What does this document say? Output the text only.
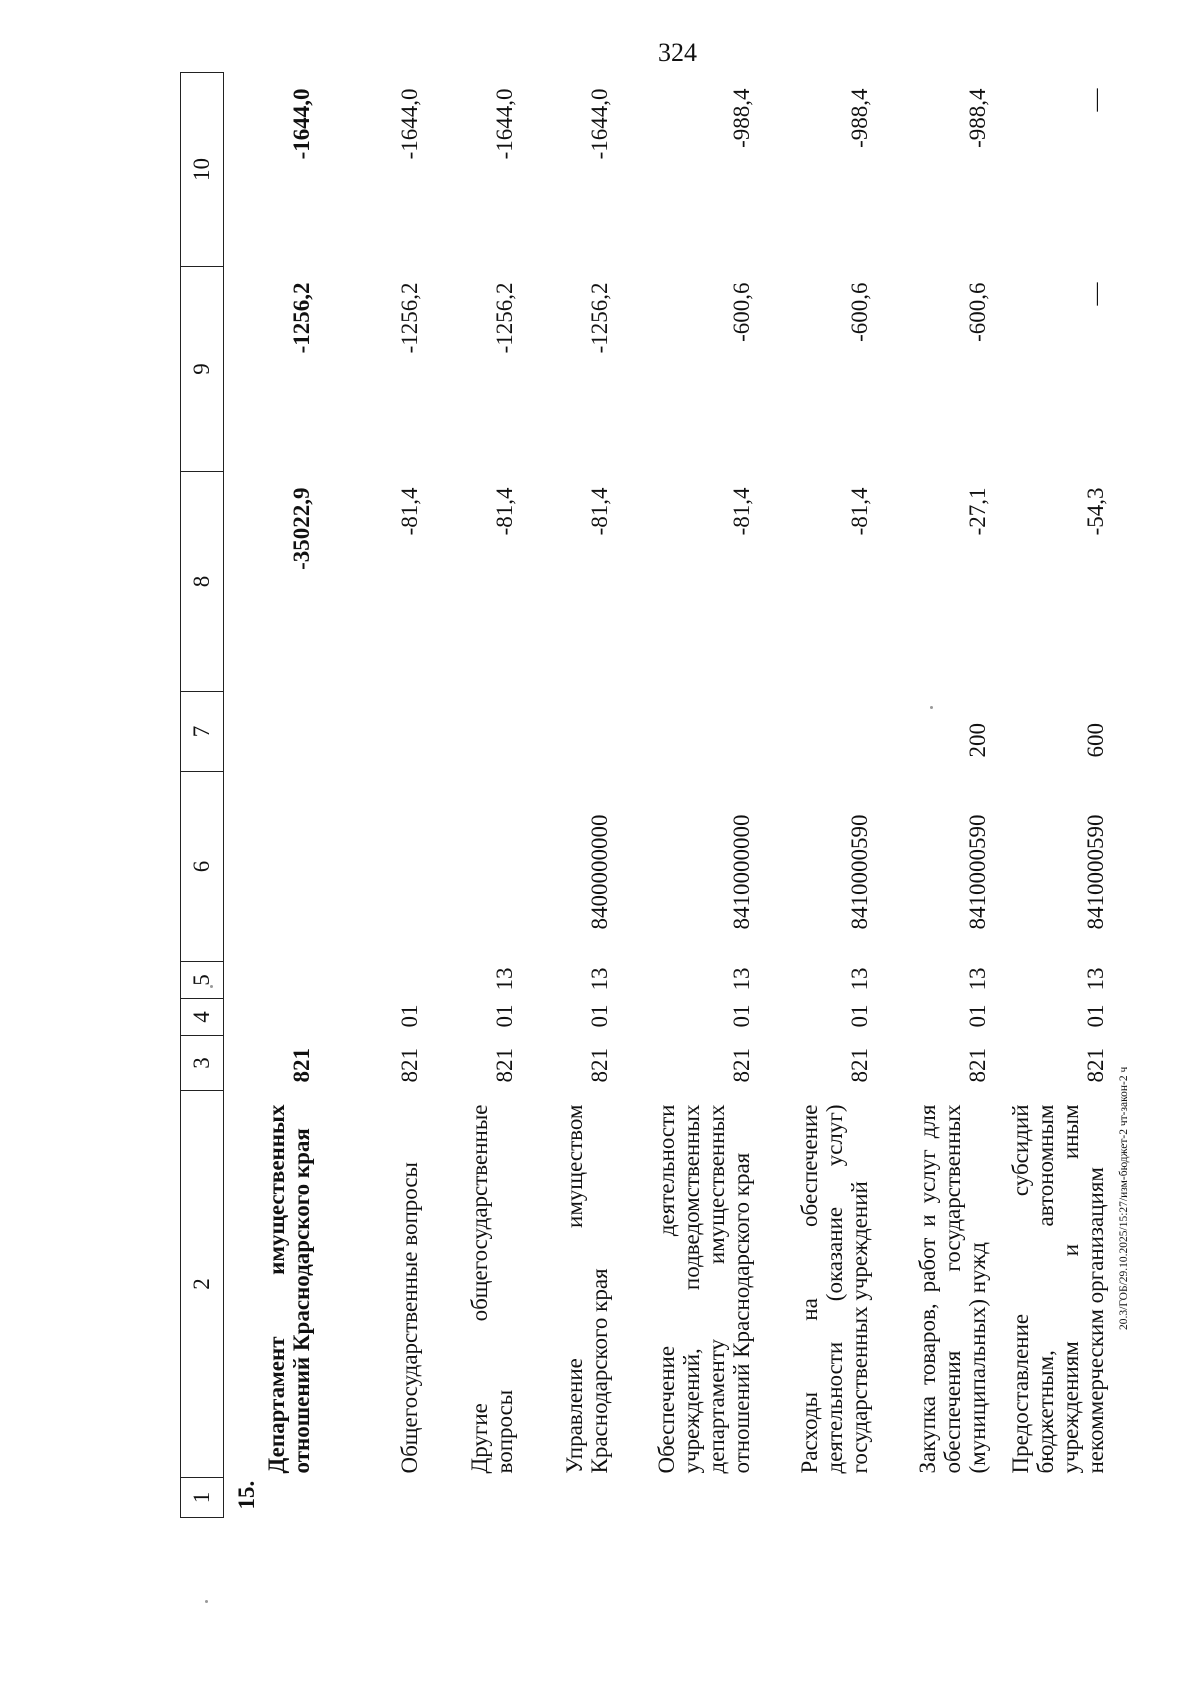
324
1	2	3	4	5	6	7	8	9	10
15.	Департамент имущественных отношений Краснодарского края	821					-35022,9	-1256,2	-1644,0
	Общегосударственные вопросы	821	01				-81,4	-1256,2	-1644,0
	Другие общегосударственные вопросы	821	01	13			-81,4	-1256,2	-1644,0
	Управление имуществом Краснодарского края	821	01	13	8400000000		-81,4	-1256,2	-1644,0
	Обеспечение деятельности учреждений, подведомственных департаменту имущественных отношений Краснодарского края	821	01	13	8410000000		-81,4	-600,6	-988,4
	Расходы на обеспечение деятельности (оказание услуг) государственных учреждений	821	01	13	8410000590		-81,4	-600,6	-988,4
	Закупка товаров, работ и услуг для обеспечения государственных (муниципальных) нужд	821	01	13	8410000590	200	-27,1	-600,6	-988,4
	Предоставление субсидий бюджетным, автономным учреждениям и иным некоммерческим организациям	821	01	13	8410000590	600	-54,3	—	—
20.3/ГОБ/29.10.2025/15:27/изм-бюджет-2 чт-закон-2 ч
